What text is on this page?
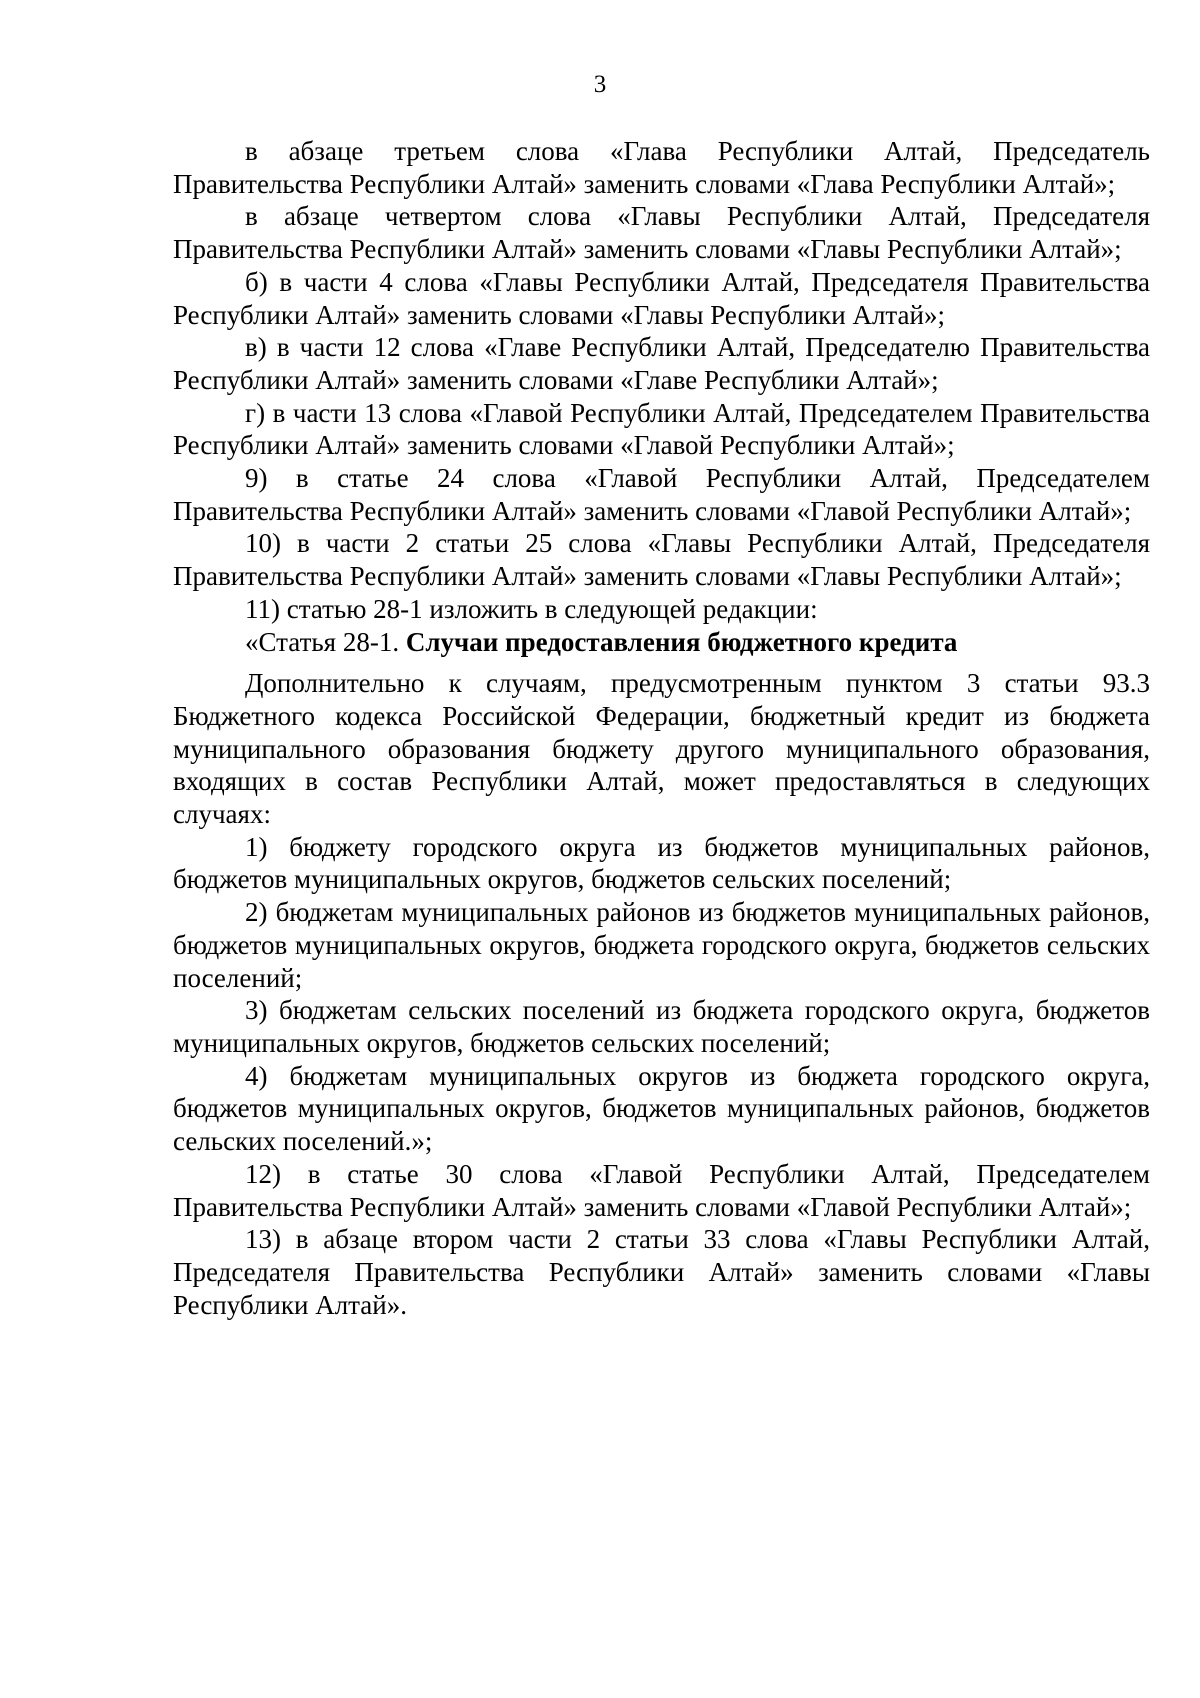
3

в абзаце третьем слова «Глава Республики Алтай, Председатель Правительства Республики Алтай» заменить словами «Глава Республики Алтай»;

в абзаце четвертом слова «Главы Республики Алтай, Председателя Правительства Республики Алтай» заменить словами «Главы Республики Алтай»;

б) в части 4 слова «Главы Республики Алтай, Председателя Правительства Республики Алтай» заменить словами «Главы Республики Алтай»;

в) в части 12 слова «Главе Республики Алтай, Председателю Правительства Республики Алтай» заменить словами «Главе Республики Алтай»;

г) в части 13 слова «Главой Республики Алтай, Председателем Правительства Республики Алтай» заменить словами «Главой Республики Алтай»;

9) в статье 24 слова «Главой Республики Алтай, Председателем Правительства Республики Алтай» заменить словами «Главой Республики Алтай»;

10) в части 2 статьи 25 слова «Главы Республики Алтай, Председателя Правительства Республики Алтай» заменить словами «Главы Республики Алтай»;

11) статью 28-1 изложить в следующей редакции:

«Статья 28-1. Случаи предоставления бюджетного кредита

Дополнительно к случаям, предусмотренным пунктом 3 статьи 93.3 Бюджетного кодекса Российской Федерации, бюджетный кредит из бюджета муниципального образования бюджету другого муниципального образования, входящих в состав Республики Алтай, может предоставляться в следующих случаях:

1) бюджету городского округа из бюджетов муниципальных районов, бюджетов муниципальных округов, бюджетов сельских поселений;

2) бюджетам муниципальных районов из бюджетов муниципальных районов, бюджетов муниципальных округов, бюджета городского округа, бюджетов сельских поселений;

3) бюджетам сельских поселений из бюджета городского округа, бюджетов муниципальных округов, бюджетов сельских поселений;

4) бюджетам муниципальных округов из бюджета городского округа, бюджетов муниципальных округов, бюджетов муниципальных районов, бюджетов сельских поселений.»;

12) в статье 30 слова «Главой Республики Алтай, Председателем Правительства Республики Алтай» заменить словами «Главой Республики Алтай»;

13) в абзаце втором части 2 статьи 33 слова «Главы Республики Алтай, Председателя Правительства Республики Алтай» заменить словами «Главы Республики Алтай».
